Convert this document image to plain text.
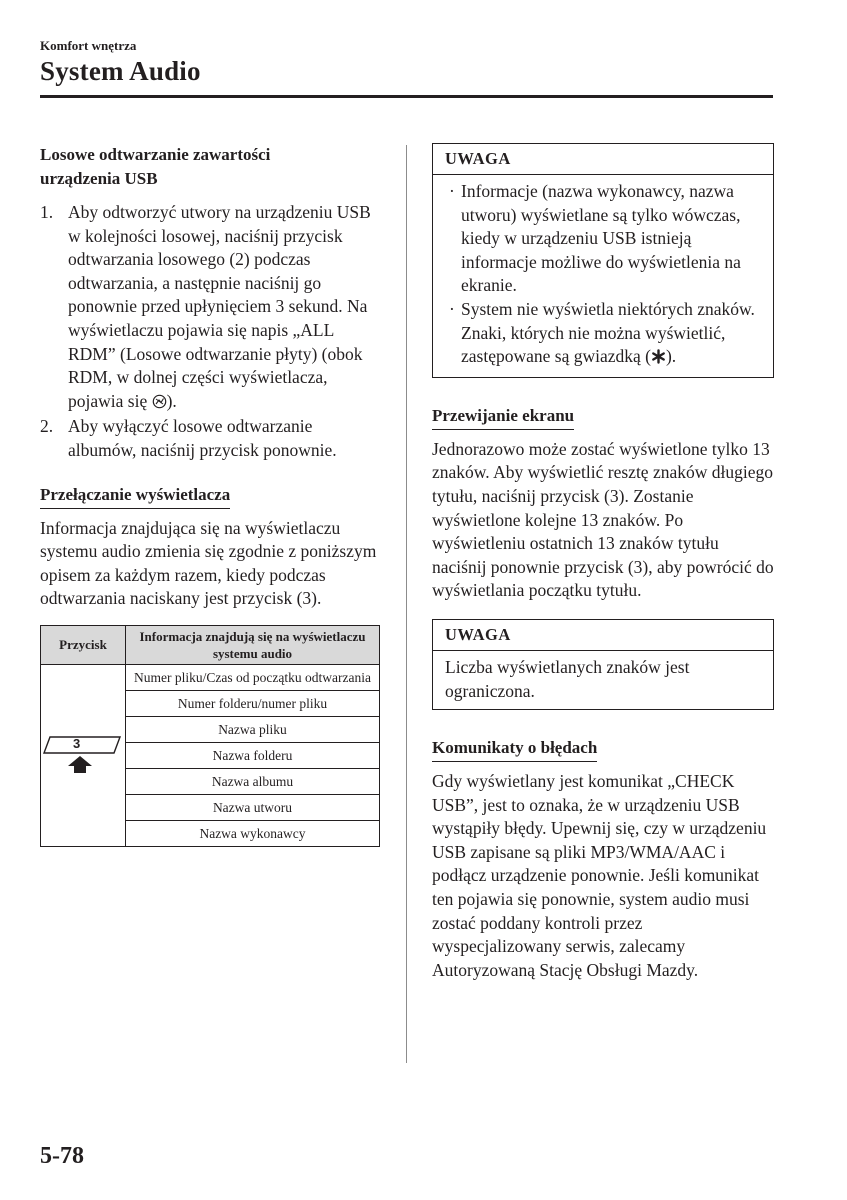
Komfort wnętrza
System Audio

Losowe odtwarzanie zawartości
urządzenia USB

1. Aby odtworzyć utwory na urządzeniu USB w kolejności losowej, naciśnij przycisk odtwarzania losowego (2) podczas odtwarzania, a następnie naciśnij go ponownie przed upłynięciem 3 sekund. Na wyświetlaczu pojawia się napis „ALL RDM” (Losowe odtwarzanie płyty) (obok RDM, w dolnej części wyświetlacza, pojawia się ).
2. Aby wyłączyć losowe odtwarzanie albumów, naciśnij przycisk ponownie.
Przełączanie wyświetlacza

Informacja znajdująca się na wyświetlaczu systemu audio zmienia się zgodnie z poniższym opisem za każdym razem, kiedy podczas odtwarzania naciskany jest przycisk (3).

Przycisk	Informacja znajdują się na wyświetlaczu systemu audio

3	Numer pliku/Czas od początku odtwarzania
	Numer folderu/numer pliku
	Nazwa pliku
	Nazwa folderu
	Nazwa albumu
	Nazwa utworu
	Nazwa wykonawcy
UWAGA
· Informacje (nazwa wykonawcy, nazwa utworu) wyświetlane są tylko wówczas, kiedy w urządzeniu USB istnieją informacje możliwe do wyświetlenia na ekranie.
· System nie wyświetla niektórych znaków. Znaki, których nie można wyświetlić, zastępowane są gwiazdką ( ).
Przewijanie ekranu

Jednorazowo może zostać wyświetlone tylko 13 znaków. Aby wyświetlić resztę znaków długiego tytułu, naciśnij przycisk (3). Zostanie wyświetlone kolejne 13 znaków. Po wyświetleniu ostatnich 13 znaków tytułu naciśnij ponownie przycisk (3), aby powrócić do wyświetlania początku tytułu.

UWAGA
Liczba wyświetlanych znaków jest ograniczona.
Komunikaty o błędach

Gdy wyświetlany jest komunikat „CHECK USB”, jest to oznaka, że w urządzeniu USB wystąpiły błędy. Upewnij się, czy w urządzeniu USB zapisane są pliki MP3/WMA/AAC i podłącz urządzenie ponownie. Jeśli komunikat ten pojawia się ponownie, system audio musi zostać poddany kontroli przez wyspecjalizowany serwis, zalecamy Autoryzowaną Stację Obsługi Mazdy.

5-78
